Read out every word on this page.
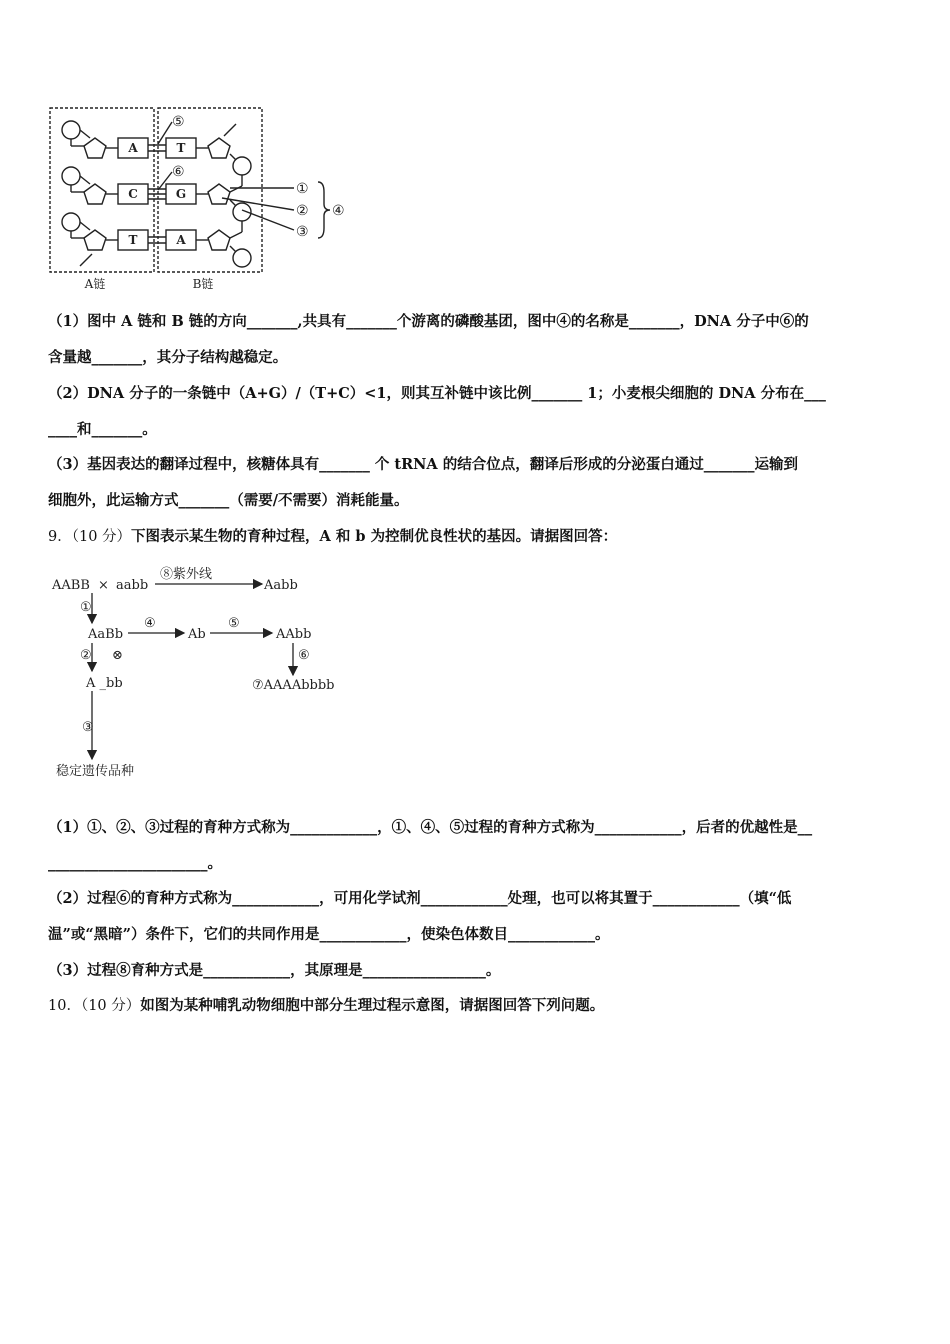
A
C
T
T
G
A
⑤
⑥
①
②
③
④
A链	B链
（1）图中 A 链和 B 链的方向_______,共具有_______个游离的磷酸基团，图中④的名称是_______，DNA 分子中⑥的
含量越_______，其分子结构越稳定。
（2）DNA 分子的一条链中（A+G）/（T+C）<1，则其互补链中该比例_______ 1；小麦根尖细胞的 DNA 分布在___
____和_______。
（3）基因表达的翻译过程中，核糖体具有_______ 个 tRNA 的结合位点，翻译后形成的分泌蛋白通过_______运输到
细胞外，此运输方式_______（需要/不需要）消耗能量。
9．（10 分）下图表示某生物的育种过程，A 和 b 为控制优良性状的基因。请据图回答：
AABB × aabb
⑧紫外线
Aabb
①
AaBb
④
Ab
⑤
AAbb
② ⊗
A _bb
⑥
⑦AAAAbbbb
③
稳定遗传品种
（1）①、②、③过程的育种方式称为____________，①、④、⑤过程的育种方式称为____________，后者的优越性是__
______________________。
（2）过程⑥的育种方式称为____________，可用化学试剂____________处理，也可以将其置于____________（填“低
温”或“黑暗”）条件下，它们的共同作用是____________，使染色体数目____________。
（3）过程⑧育种方式是____________，其原理是_________________。
10．（10 分）如图为某种哺乳动物细胞中部分生理过程示意图，请据图回答下列问题。
